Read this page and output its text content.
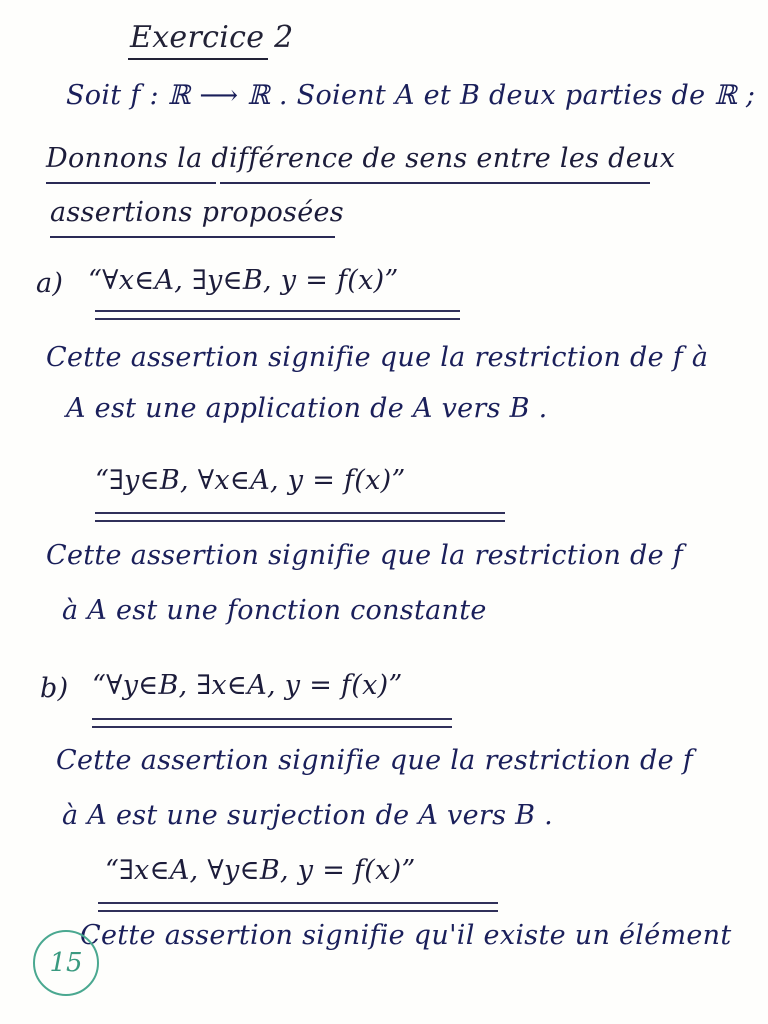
Exercice 2
Soit f : ℝ ⟶ ℝ . Soient A et B deux parties de ℝ ;
Donnons la différence de sens entre les deux
assertions proposées
a) “∀x∈A, ∃y∈B, y = f(x)”
Cette assertion signifie que la restriction de f à
A est une application de A vers B .
“∃y∈B, ∀x∈A, y = f(x)”
Cette assertion signifie que la restriction de f
à A est une fonction constante
b) “∀y∈B, ∃x∈A, y = f(x)”
Cette assertion signifie que la restriction de f
à A est une surjection de A vers B .
“∃x∈A, ∀y∈B, y = f(x)”
Cette assertion signifie qu'il existe un élément
15
